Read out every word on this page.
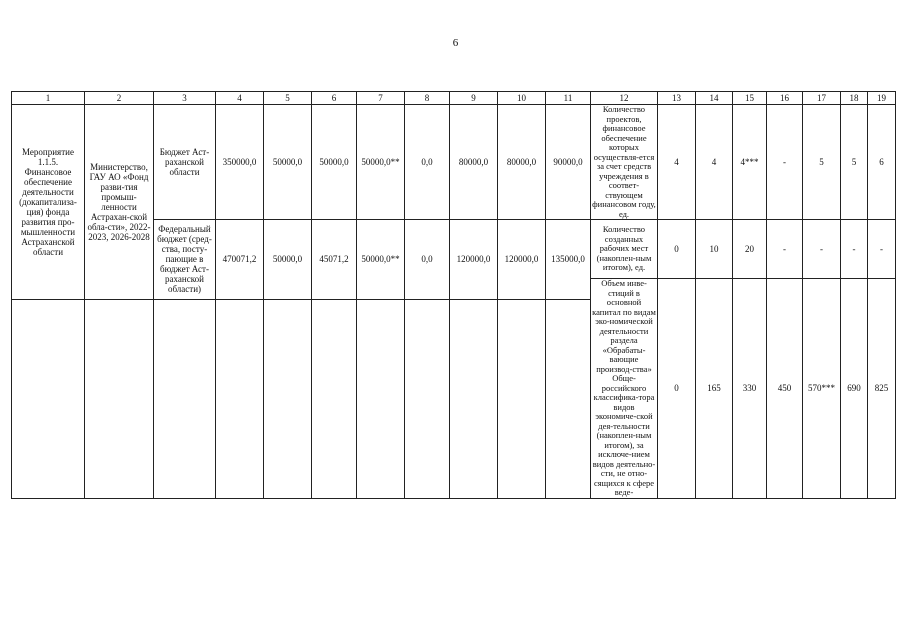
6
1	2	3	4	5	6	7	8	9	10	11	12	13	14	15	16	17	18	19
Мероприятие 1.1.5. Финансовое обеспечение деятельности (докапитализа-ция) фонда развития про-мышленности Астраханской области	Министерство, ГАУ АО «Фонд разви-тия промыш-ленности Астрахан-ской обла-сти», 2022-2023, 2026-2028	Бюджет Аст-раханской области	350000,0	50000,0	50000,0	50000,0**	0,0	80000,0	80000,0	90000,0	Количество проектов, финансовое обеспечение которых осуществля-ется за счет средств учреждения в соответ-ствующем финансовом году, ед.	4	4	4***	-	5	5	6
		Федеральный бюджет (сред-ства, посту-пающие в бюджет Аст-раханской области)	470071,2	50000,0	45071,2	50000,0**	0,0	120000,0	120000,0	135000,0	Количество созданных рабочих мест (накоплен-ным итогом), ед.	0	10	20	-	-	-	-
											Объем инве-стиций в основной капитал по видам эко-номической деятельности раздела «Обрабаты-вающие производ-ства» Обще-российского классифика-тора видов экономиче-ской дея-тельности (накоплен-ным итогом), за исключе-нием видов деятельно-сти, не отно-сящихся к сфере веде-	0	165	330	450	570***	690	825
